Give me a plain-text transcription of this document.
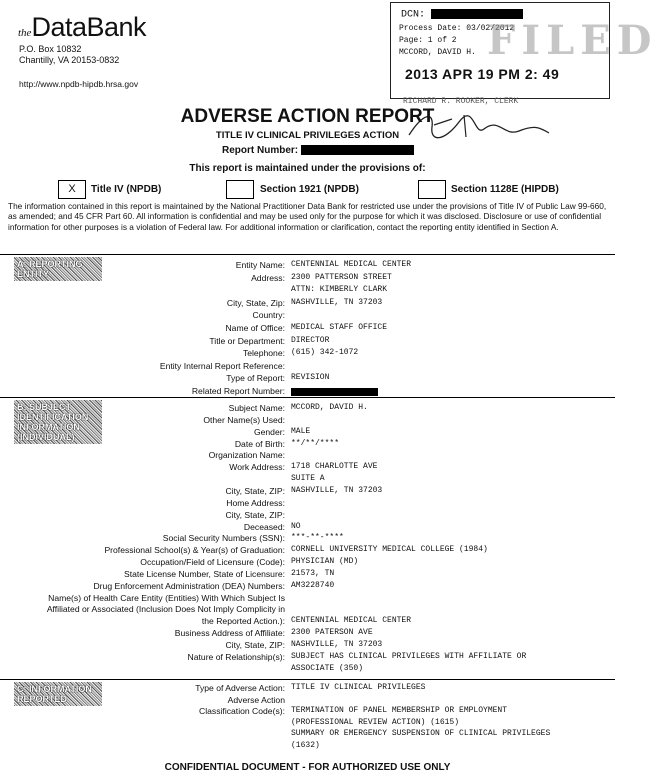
theDataBank
P.O. Box 10832
Chantilly, VA 20153-0832
http://www.npdb-hipdb.hrsa.gov
DCN:
Process Date: 03/02/2012
Page: 1 of 2
MCCORD, DAVID H. FILED
2013 APR 19 PM 2: 49
RICHARD R. ROOKER, CLERK
ADVERSE ACTION REPORT
TITLE IV CLINICAL PRIVILEGES ACTION
Report Number:
This report is maintained under the provisions of:
X	Title IV (NPDB)	Section 1921 (NPDB)	Section 1128E (HIPDB)
The information contained in this report is maintained by the National Practitioner Data Bank for restricted use under the provisions of Title IV of Public Law 99-660, as amended; and 45 CFR Part 60. All information is confidential and may be used only for the purpose for which it was disclosed. Disclosure or use of confidential information for other purposes is a violation of Federal law. For additional information or clarification, contact the reporting entity identified in Section A.
A: REPORTING ENTITY
B: SUBJECT IDENTIFICATION INFORMATION (INDIVIDUAL)
C: INFORMATION REPORTED
Entity Name: CENTENNIAL MEDICAL CENTER
Address: 2300 PATTERSON STREET
ATTN: KIMBERLY CLARK
City, State, Zip: NASHVILLE, TN 37203
Country:
Name of Office: MEDICAL STAFF OFFICE
Title or Department: DIRECTOR
Telephone: (615) 342-1072
Entity Internal Report Reference:
Type of Report: REVISION
Related Report Number:
Subject Name: MCCORD, DAVID H.
Other Name(s) Used:
Gender: MALE
Date of Birth: **/**/****
Organization Name:
Work Address: 1718 CHARLOTTE AVE
SUITE A
City, State, ZIP: NASHVILLE, TN 37203
Home Address:
City, State, ZIP:
Deceased: NO
Social Security Numbers (SSN): ***-**-****
Professional School(s) & Year(s) of Graduation: CORNELL UNIVERSITY MEDICAL COLLEGE (1984)
Occupation/Field of Licensure (Code): PHYSICIAN (MD)
State License Number, State of Licensure: 21573, TN
Drug Enforcement Administration (DEA) Numbers: AM3228740
Name(s) of Health Care Entity (Entities) With Which Subject Is
Affiliated or Associated (Inclusion Does Not Imply Complicity in
the Reported Action.): CENTENNIAL MEDICAL CENTER
Business Address of Affiliate: 2300 PATERSON AVE
City, State, ZIP: NASHVILLE, TN 37203
Nature of Relationship(s): SUBJECT HAS CLINICAL PRIVILEGES WITH AFFILIATE OR
ASSOCIATE (350)
Type of Adverse Action: TITLE IV CLINICAL PRIVILEGES
Adverse Action
Classification Code(s): TERMINATION OF PANEL MEMBERSHIP OR EMPLOYMENT
(PROFESSIONAL REVIEW ACTION) (1615)
SUMMARY OR EMERGENCY SUSPENSION OF CLINICAL PRIVILEGES
(1632)
CONFIDENTIAL DOCUMENT - FOR AUTHORIZED USE ONLY
